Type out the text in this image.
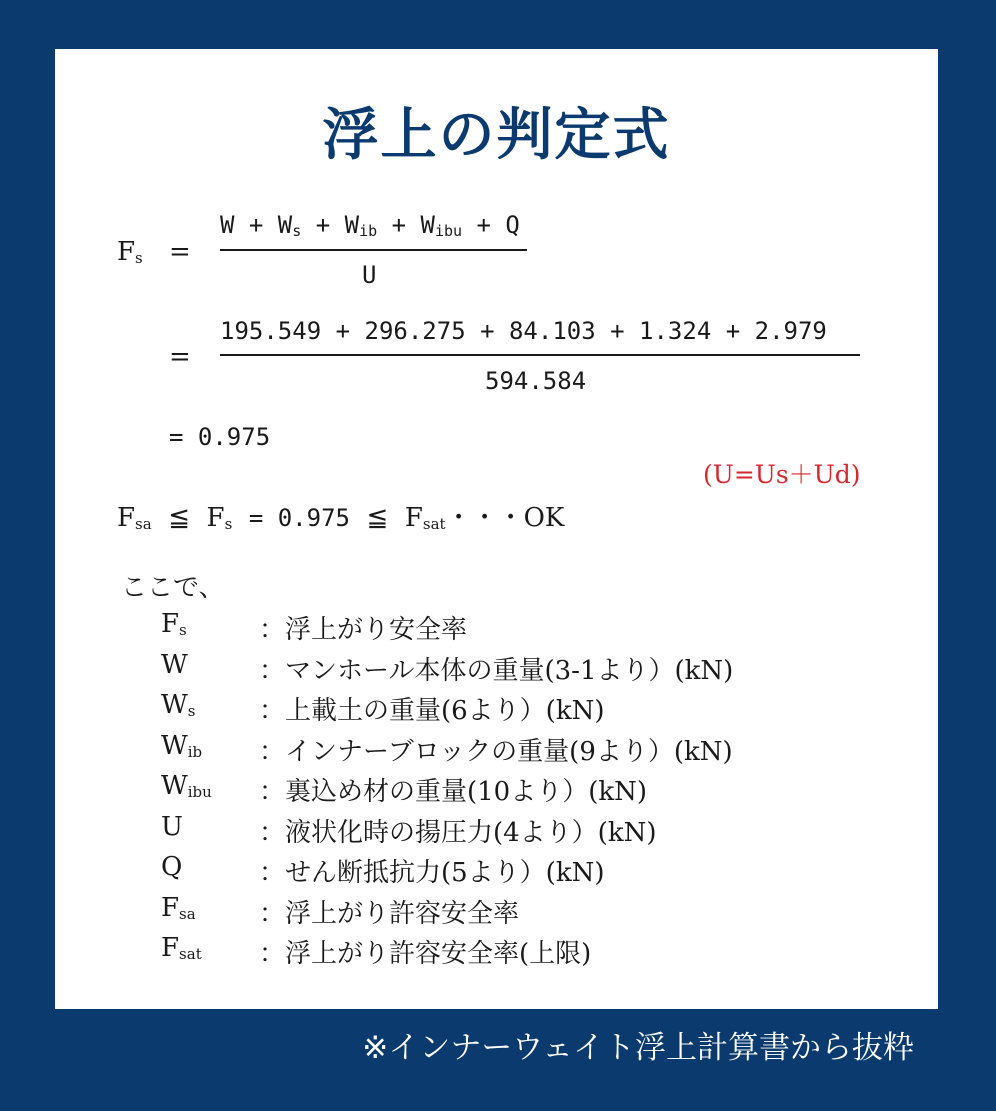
浮上の判定式
$F_s$ =
$W + W_s + W_{ib} + W_{ibu} + Q$
U
=
195.549 + 296.275 + 84.103 + 1.324 + 2.979
594.584
= 0.975
(U=Us＋Ud)
$F_{sa}$ ≦ $F_s = 0.975$ ≦ $F_{sat}$・・・OK
ここで、
$F_s$	：浮上がり安全率
W	：マンホール本体の重量(3-1より）(kN)
$W_s$ ：上載土の重量(6より）(kN)
$W_{ib}$ ：インナーブロックの重量(9より）(kN)
$W_{ibu}$ ：裏込め材の重量(10より）(kN)
U	：液状化時の揚圧力(4より）(kN)
Q	：せん断抵抗力(5より）(kN)
$F_{sa}$ ：浮上がり許容安全率
$F_{sat}$ ：浮上がり許容安全率(上限)
※インナーウェイト浮上計算書から抜粋
